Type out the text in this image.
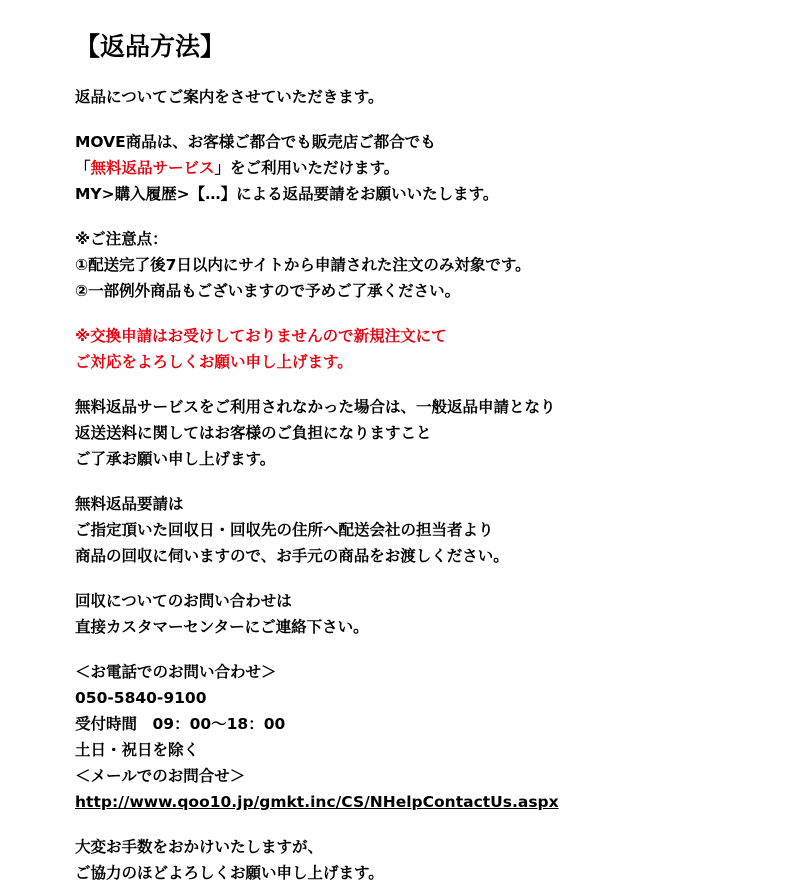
【返品方法】
返品についてご案内をさせていただきます。
MOVE商品は、お客様ご都合でも販売店ご都合でも
「無料返品サービス」をご利用いただけます。
MY>購入履歴>【…】による返品要請をお願いいたします。
※ご注意点：
①配送完了後7日以内にサイトから申請された注文のみ対象です。
②一部例外商品もございますので予めご了承ください。
※交換申請はお受けしておりませんので新規注文にて
ご対応をよろしくお願い申し上げます。
無料返品サービスをご利用されなかった場合は、一般返品申請となり
返送送料に関してはお客様のご負担になりますこと
ご了承お願い申し上げます。
無料返品要請は
ご指定頂いた回収日・回収先の住所へ配送会社の担当者より
商品の回収に伺いますので、お手元の商品をお渡しください。
回収についてのお問い合わせは
直接カスタマーセンターにご連絡下さい。
＜お電話でのお問い合わせ＞
050-5840-9100
受付時間　09：00〜18：00
土日・祝日を除く
＜メールでのお問合せ＞
http://www.qoo10.jp/gmkt.inc/CS/NHelpContactUs.aspx
大変お手数をおかけいたしますが、
ご協力のほどよろしくお願い申し上げます。
